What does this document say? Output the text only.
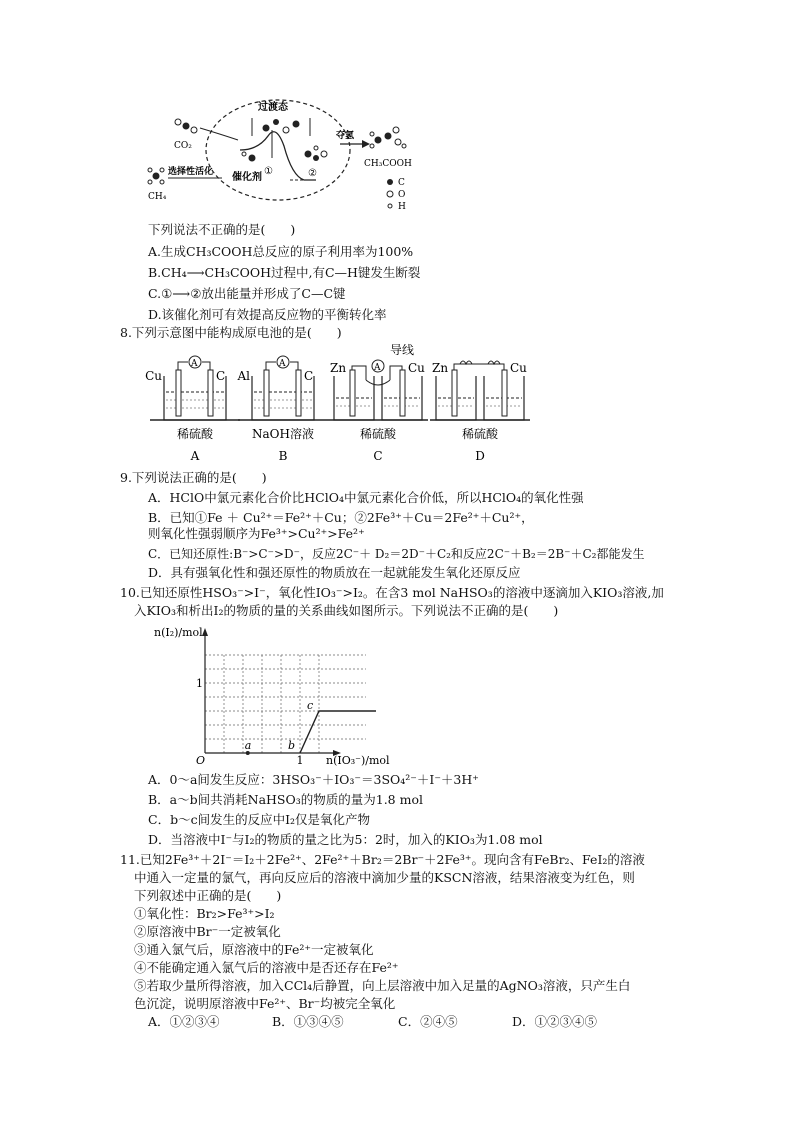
CO₂
CH₄
选择性活化
过渡态
催化剂
①	②
夺氢
CH₃COOH
C
O
H
下列说法不正确的是(　　)
A.生成CH₃COOH总反应的原子利用率为100%
B.CH₄⟶CH₃COOH过程中,有C—H键发生断裂
C.①⟶②放出能量并形成了C—C键
D.该催化剂可有效提高反应物的平衡转化率
8.下列示意图中能构成原电池的是(　　)
导线
A
Cu	C
稀硫酸
A
A
Al	C
NaOH溶液
B
A
Zn	Cu
稀硫酸
C
Zn	Cu
稀硫酸
D
9.下列说法正确的是(　　)
A．HClO中氯元素化合价比HClO₄中氯元素化合价低，所以HClO₄的氧化性强
B．已知①Fe ＋ Cu²⁺＝Fe²⁺＋Cu；②2Fe³⁺＋Cu＝2Fe²⁺＋Cu²⁺，
则氧化性强弱顺序为Fe³⁺>Cu²⁺>Fe²⁺
C．已知还原性:B⁻>C⁻>D⁻，反应2C⁻＋ D₂＝2D⁻＋C₂和反应2C⁻＋B₂＝2B⁻＋C₂都能发生
D．具有强氧化性和强还原性的物质放在一起就能发生氧化还原反应
10.已知还原性HSO₃⁻>I⁻，氧化性IO₃⁻>I₂。在含3 mol NaHSO₃的溶液中逐滴加入KIO₃溶液,加
入KIO₃和析出I₂的物质的量的关系曲线如图所示。下列说法不正确的是(　　)
n(I₂)/mol
n(IO₃⁻)/mol
O	1
1
a	b
c
A．0～a间发生反应：3HSO₃⁻＋IO₃⁻＝3SO₄²⁻＋I⁻＋3H⁺
B．a～b间共消耗NaHSO₃的物质的量为1.8 mol
C．b～c间发生的反应中I₂仅是氧化产物
D．当溶液中I⁻与I₂的物质的量之比为5：2时，加入的KIO₃为1.08 mol
11.已知2Fe³⁺＋2I⁻＝I₂＋2Fe²⁺、2Fe²⁺＋Br₂＝2Br⁻＋2Fe³⁺。现向含有FeBr₂、FeI₂的溶液
中通入一定量的氯气，再向反应后的溶液中滴加少量的KSCN溶液，结果溶液变为红色，则
下列叙述中正确的是(　　)
①氧化性：Br₂>Fe³⁺>I₂
②原溶液中Br⁻一定被氧化
③通入氯气后，原溶液中的Fe²⁺一定被氧化
④不能确定通入氯气后的溶液中是否还存在Fe²⁺
⑤若取少量所得溶液，加入CCl₄后静置，向上层溶液中加入足量的AgNO₃溶液，只产生白
色沉淀，说明原溶液中Fe²⁺、Br⁻均被完全氧化
A．①②③④	B．①③④⑤	C．②④⑤	D．①②③④⑤
